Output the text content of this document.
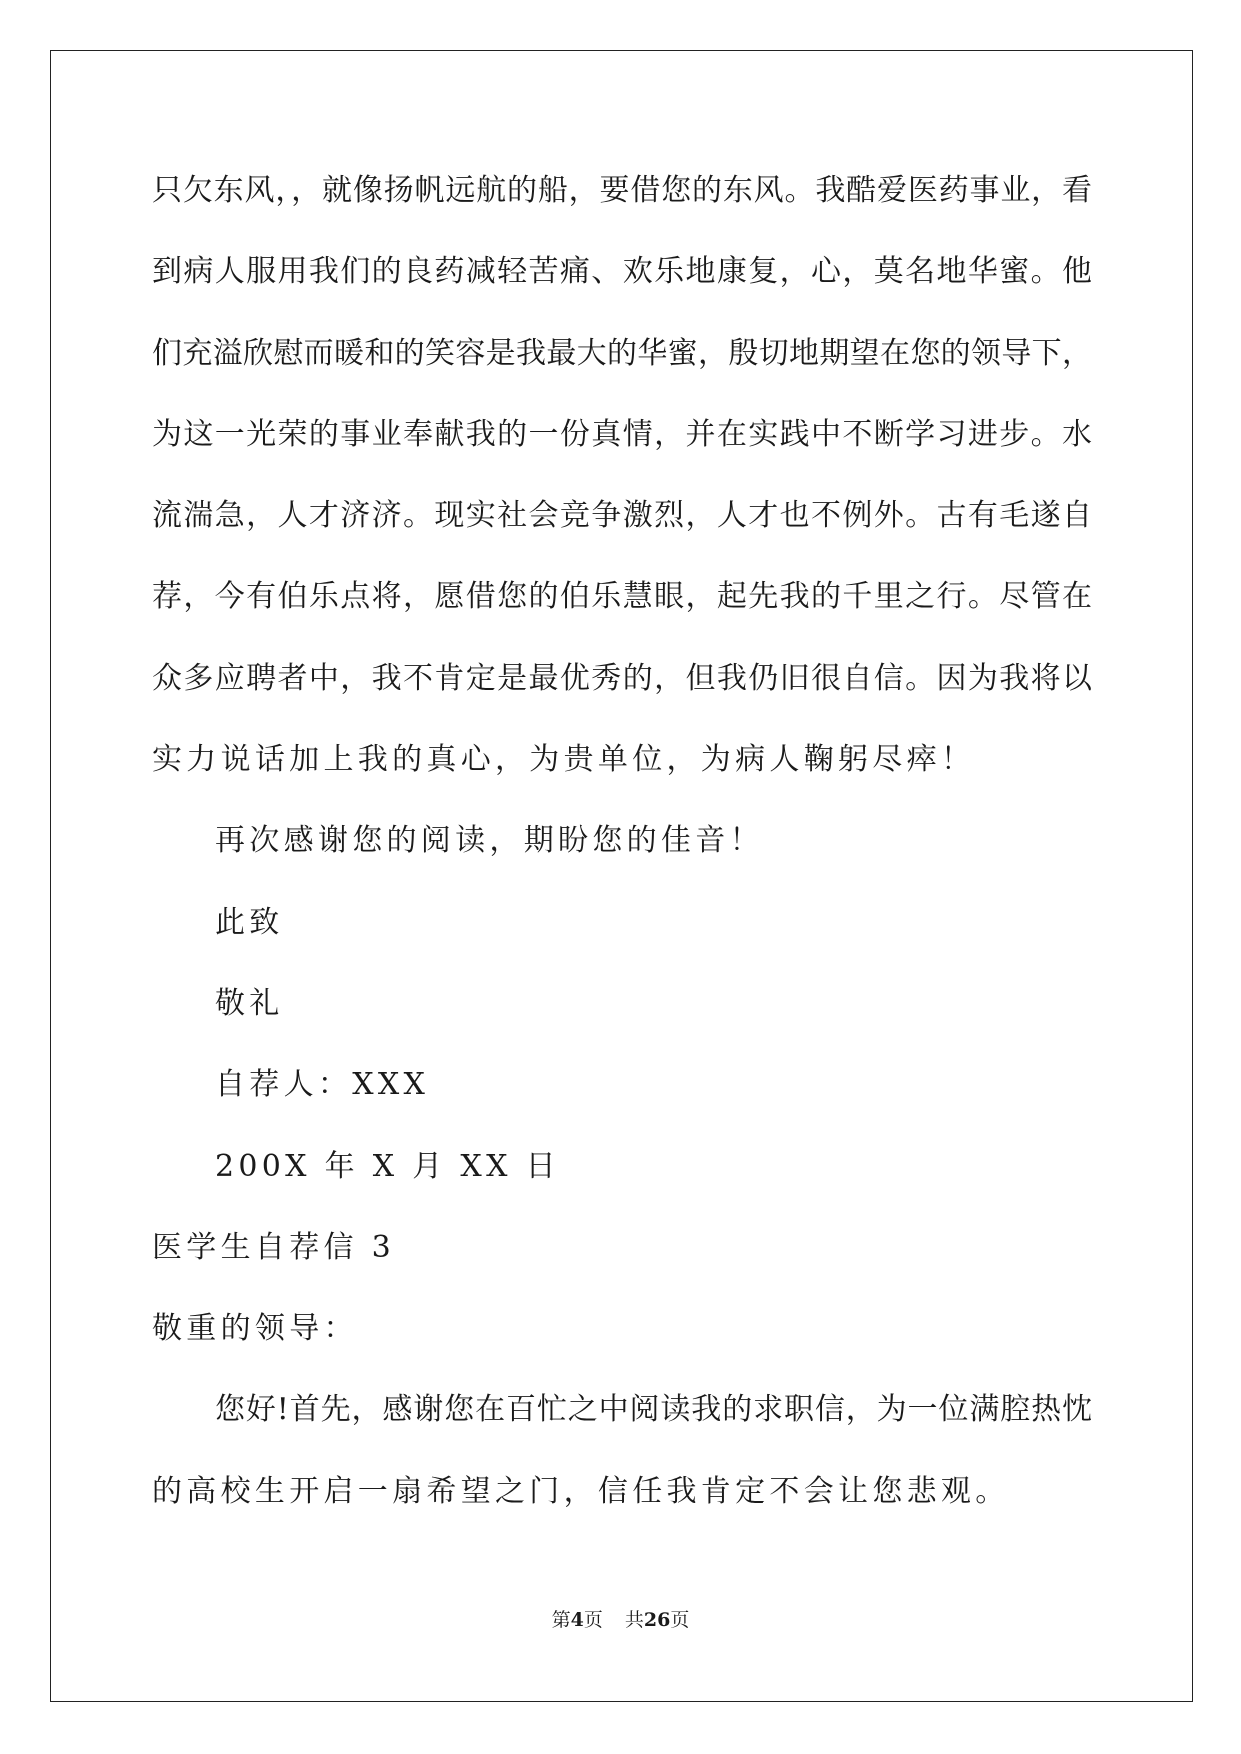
只欠东风，，就像扬帆远航的船，要借您的东风。我酷爱医药事业，看

到病人服用我们的良药减轻苦痛、欢乐地康复，心，莫名地华蜜。他

们充溢欣慰而暖和的笑容是我最大的华蜜，殷切地期望在您的领导下，

为这一光荣的事业奉献我的一份真情，并在实践中不断学习进步。水

流湍急，人才济济。现实社会竞争激烈，人才也不例外。古有毛遂自

荐，今有伯乐点将，愿借您的伯乐慧眼，起先我的千里之行。尽管在

众多应聘者中，我不肯定是最优秀的，但我仍旧很自信。因为我将以

实力说话加上我的真心，为贵单位，为病人鞠躬尽瘁！

再次感谢您的阅读，期盼您的佳音！

此致

敬礼

自荐人：XXX

200X 年 X 月 XX 日

医学生自荐信 3

敬重的领导：

您好!首先，感谢您在百忙之中阅读我的求职信，为一位满腔热忱

的高校生开启一扇希望之门，信任我肯定不会让您悲观。

第4页 共26页
